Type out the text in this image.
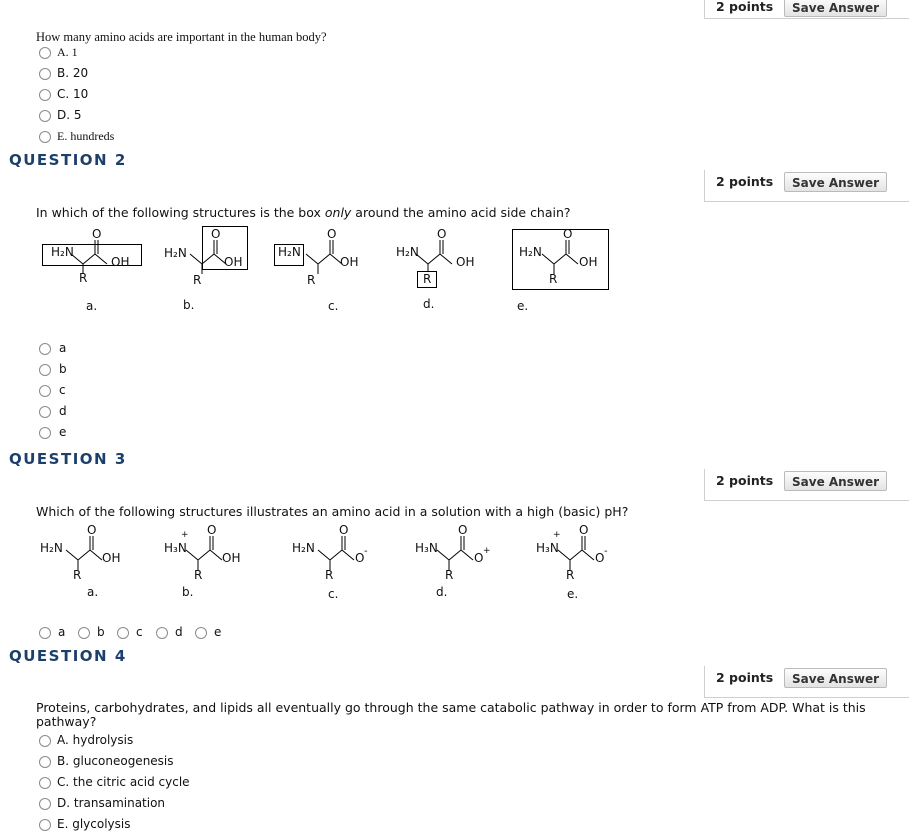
2 points	Save Answer
How many amino acids are important in the human body?
A. 1
B. 20
C. 10
D. 5
E. hundreds
QUESTION 2
2 points	Save Answer
In which of the following structures is the box only around the amino acid side chain?
H₂N
O
OH
R
H₂N
O
OH
R
H₂N
O
OH
R
H₂N
O
OH
R
H₂N
O
OH
R
a.	b.	c.	d.	e.
a
b
c
d
e
QUESTION 3
2 points	Save Answer
Which of the following structures illustrates an amino acid in a solution with a high (basic) pH?
H₂N
O
OH
R
H₃N
+ O
OH
R
H₂N
O
O -
R
H₃N
O
O +
R
H₃N
+ O
O -
R
a.	b.	c.	d.	e.
a	b	c	d	e
QUESTION 4
2 points	Save Answer
Proteins, carbohydrates, and lipids all eventually go through the same catabolic pathway in order to form ATP from ADP. What is this pathway?
A. hydrolysis
B. gluconeogenesis
C. the citric acid cycle
D. transamination
E. glycolysis
